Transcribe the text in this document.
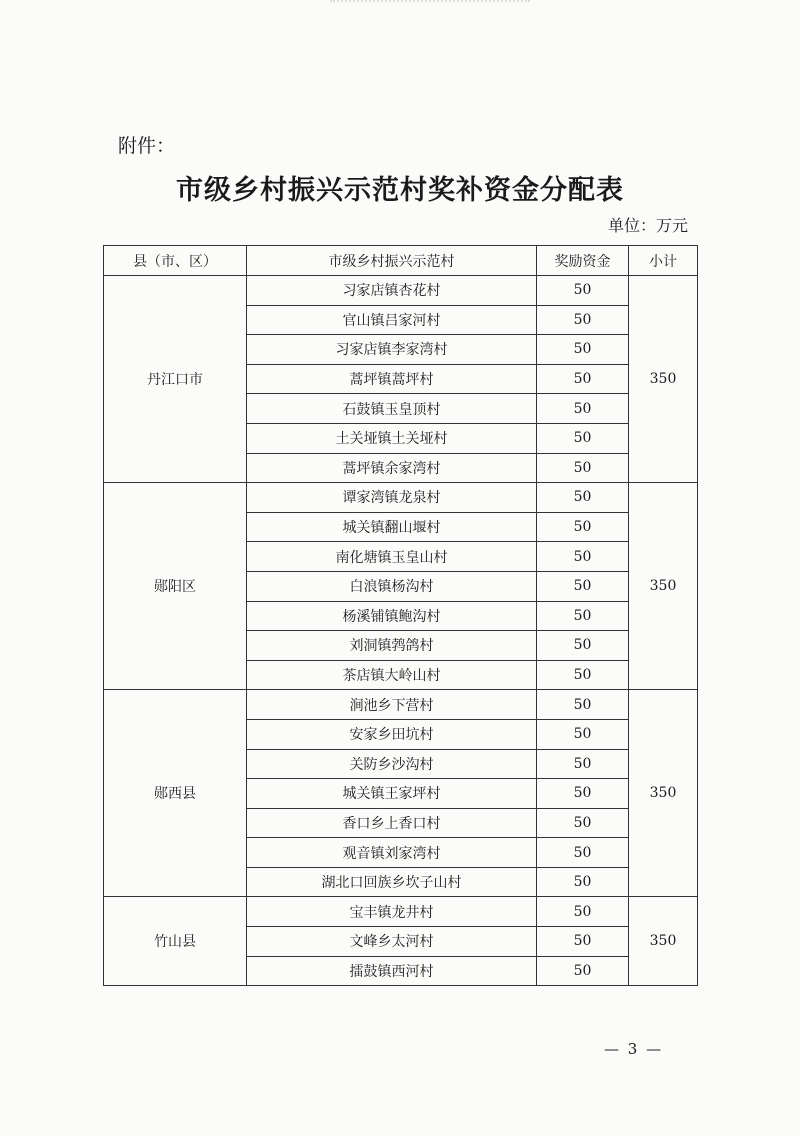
附件：
市级乡村振兴示范村奖补资金分配表
单位：万元
县（市、区）	市级乡村振兴示范村	奖励资金	小计
丹江口市	习家店镇杏花村	50	350
	官山镇吕家河村	50	
	习家店镇李家湾村	50	
	蒿坪镇蒿坪村	50	
	石鼓镇玉皇顶村	50	
	土关垭镇土关垭村	50	
	蒿坪镇余家湾村	50	
郧阳区	谭家湾镇龙泉村	50	350
	城关镇翻山堰村	50	
	南化塘镇玉皇山村	50	
	白浪镇杨沟村	50	
	杨溪铺镇鲍沟村	50	
	刘洞镇鹁鸽村	50	
	茶店镇大岭山村	50	
郧西县	涧池乡下营村	50	350
	安家乡田坑村	50	
	关防乡沙沟村	50	
	城关镇王家坪村	50	
	香口乡上香口村	50	
	观音镇刘家湾村	50	
	湖北口回族乡坎子山村	50	
竹山县	宝丰镇龙井村	50	350
	文峰乡太河村	50	
	擂鼓镇西河村	50	
— 3 —
